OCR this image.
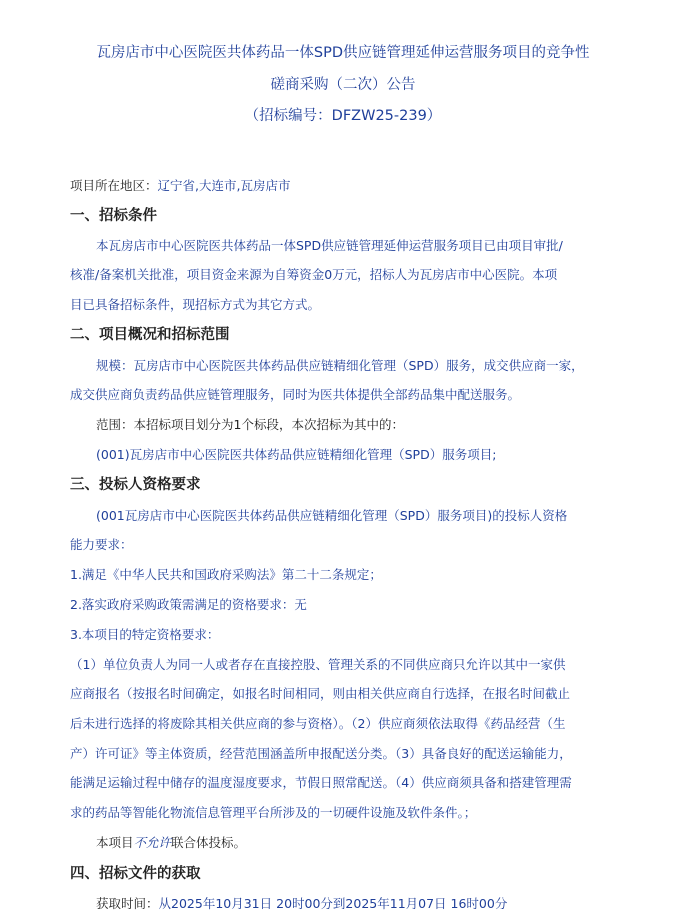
瓦房店市中心医院医共体药品一体SPD供应链管理延伸运营服务项目的竞争性
磋商采购（二次）公告
（招标编号：DFZW25-239）
项目所在地区：辽宁省,大连市,瓦房店市
一、招标条件
本瓦房店市中心医院医共体药品一体SPD供应链管理延伸运营服务项目已由项目审批/
核准/备案机关批准，项目资金来源为自筹资金0万元，招标人为瓦房店市中心医院。本项
目已具备招标条件，现招标方式为其它方式。
二、项目概况和招标范围
规模：瓦房店市中心医院医共体药品供应链精细化管理（SPD）服务，成交供应商一家，
成交供应商负责药品供应链管理服务，同时为医共体提供全部药品集中配送服务。
范围：本招标项目划分为1个标段，本次招标为其中的：
(001)瓦房店市中心医院医共体药品供应链精细化管理（SPD）服务项目;
三、投标人资格要求
(001瓦房店市中心医院医共体药品供应链精细化管理（SPD）服务项目)的投标人资格
能力要求：
1.满足《中华人民共和国政府采购法》第二十二条规定；
2.落实政府采购政策需满足的资格要求：无
3.本项目的特定资格要求：
（1）单位负责人为同一人或者存在直接控股、管理关系的不同供应商只允许以其中一家供
应商报名（按报名时间确定，如报名时间相同，则由相关供应商自行选择，在报名时间截止
后未进行选择的将废除其相关供应商的参与资格）。（2）供应商须依法取得《药品经营（生
产）许可证》等主体资质，经营范围涵盖所申报配送分类。（3）具备良好的配送运输能力，
能满足运输过程中储存的温度湿度要求，节假日照常配送。（4）供应商须具备和搭建管理需
求的药品等智能化物流信息管理平台所涉及的一切硬件设施及软件条件。；
本项目不允许联合体投标。
四、招标文件的获取
获取时间：从2025年10月31日 20时00分到2025年11月07日 16时00分
